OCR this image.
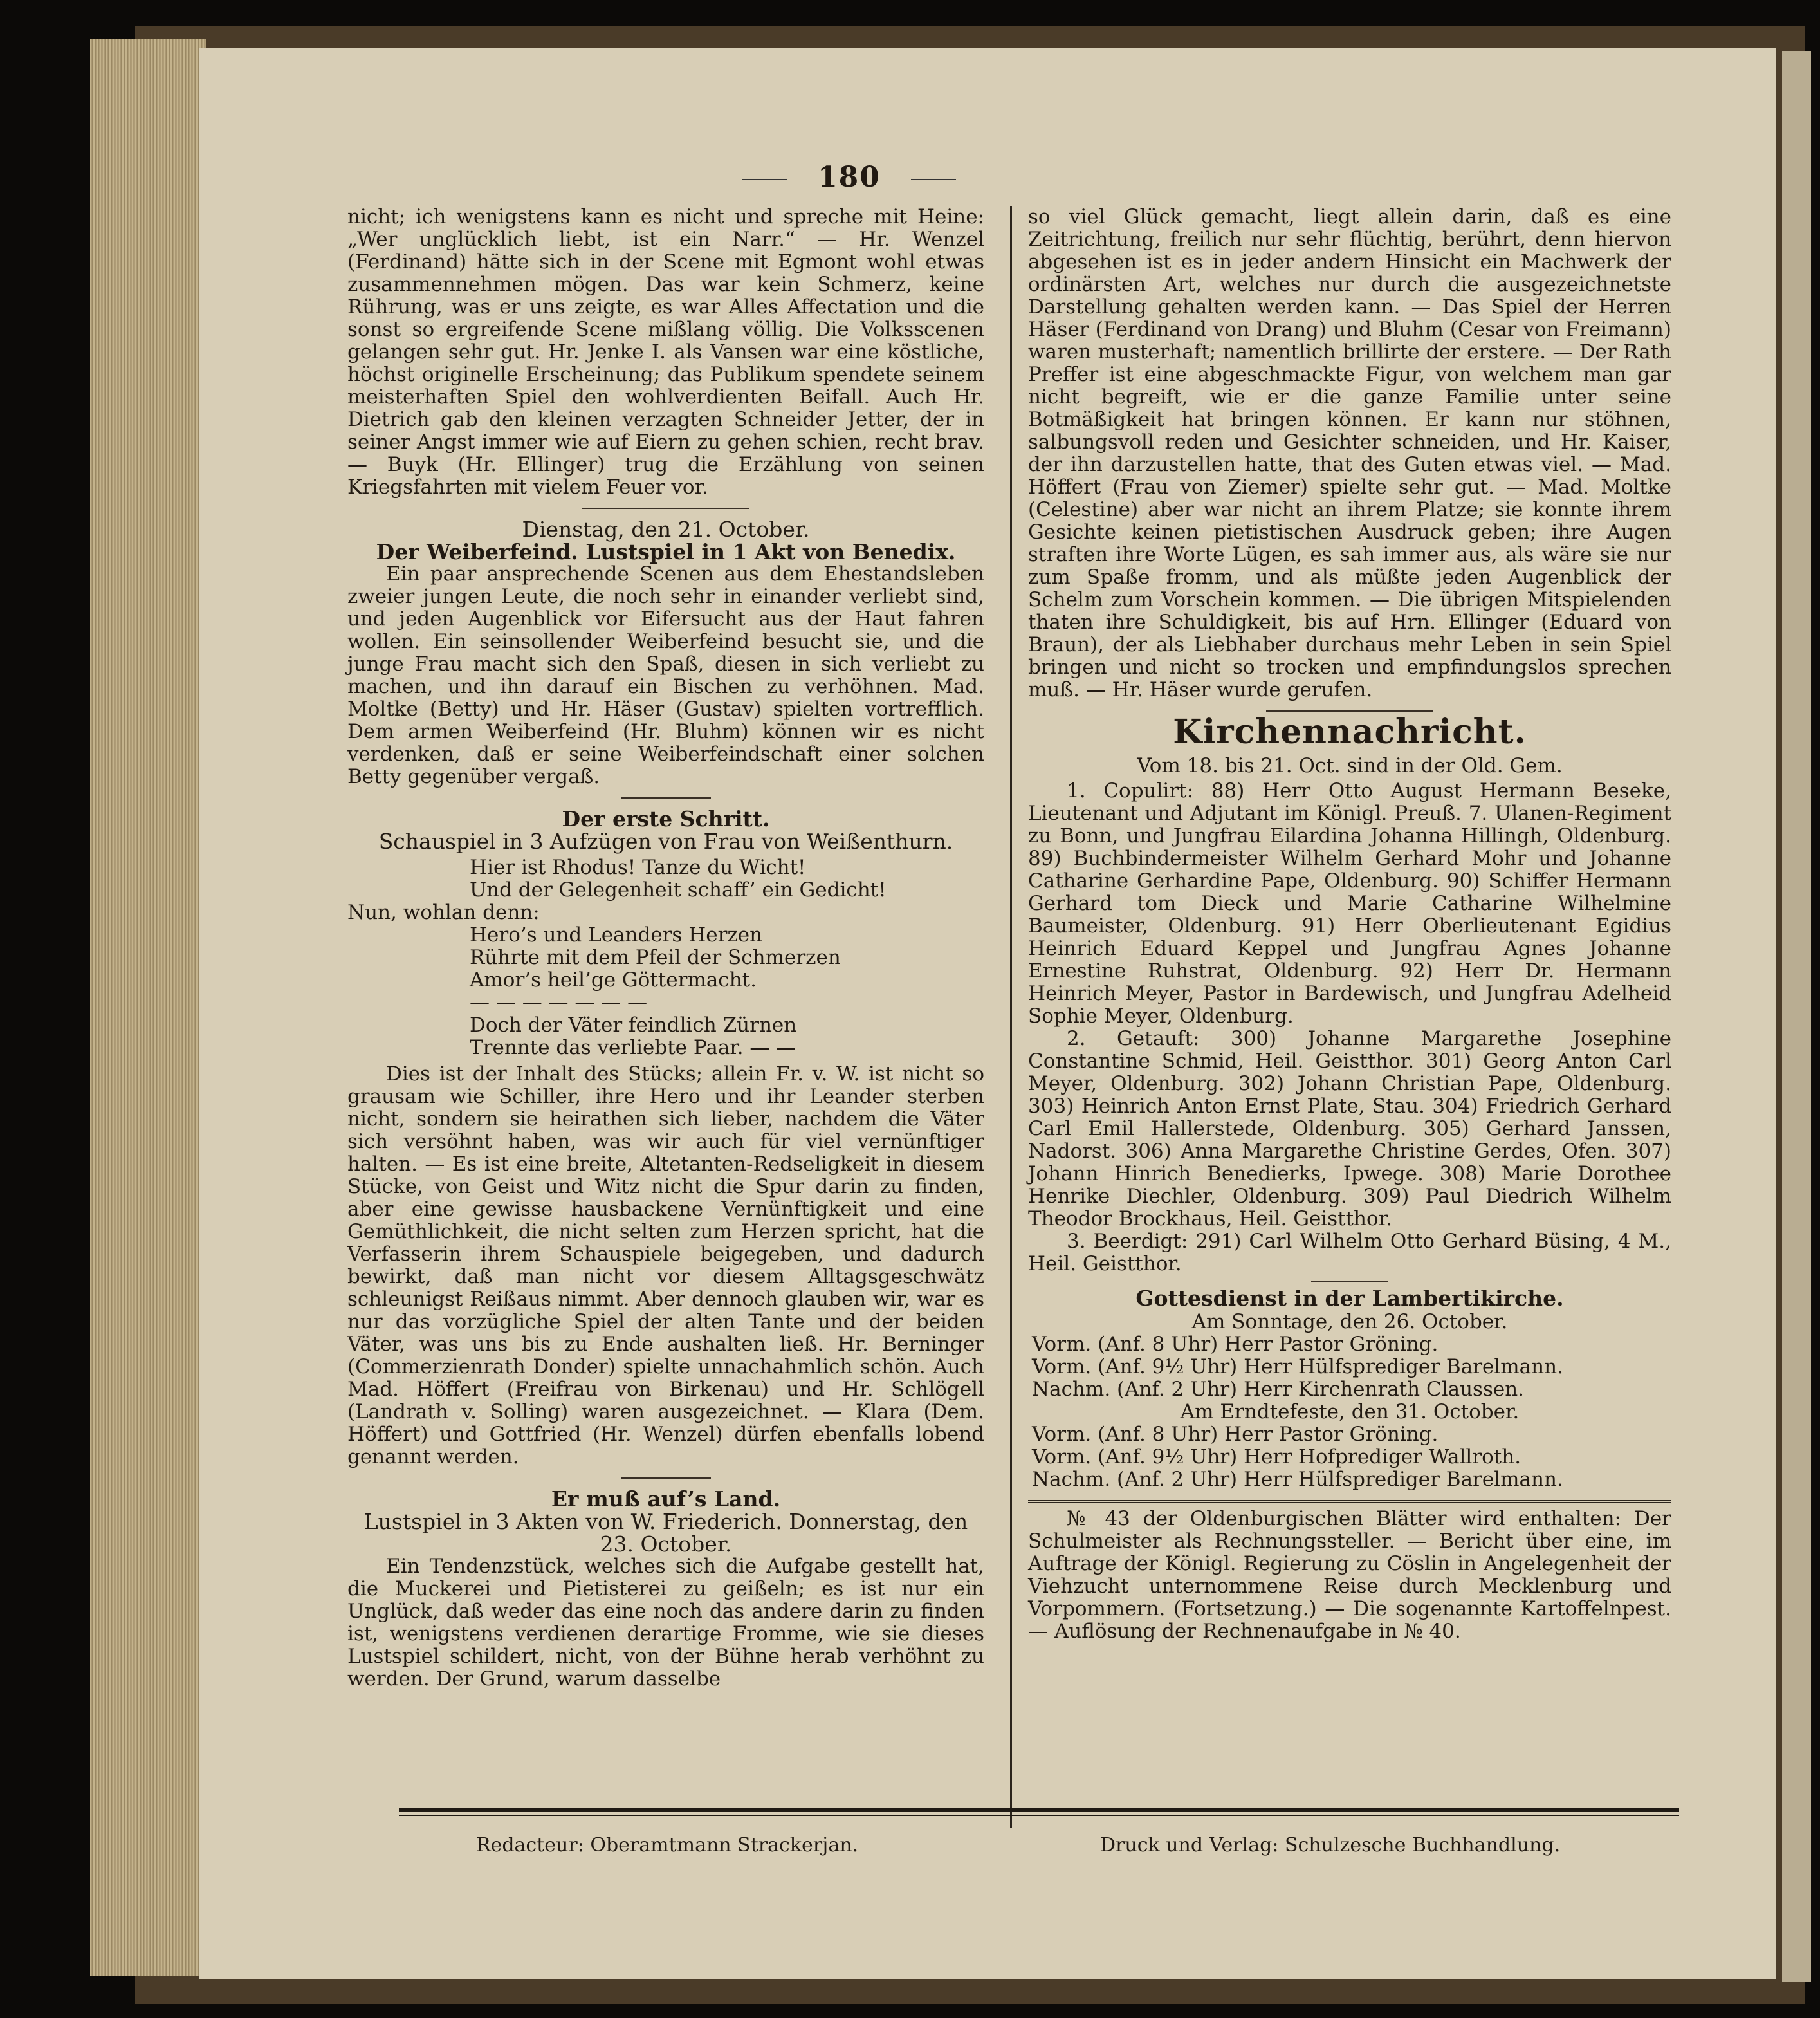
180

nicht; ich wenigstens kann es nicht und spreche mit Heine: „Wer unglücklich liebt, ist ein Narr.“ — Hr. Wenzel (Ferdinand) hätte sich in der Scene mit Egmont wohl etwas zusammennehmen mögen. Das war kein Schmerz, keine Rührung, was er uns zeigte, es war Alles Affectation und die sonst so ergreifende Scene mißlang völlig. Die Volksscenen gelangen sehr gut. Hr. Jenke I. als Vansen war eine köstliche, höchst originelle Erscheinung; das Publikum spendete seinem meisterhaften Spiel den wohlverdienten Beifall. Auch Hr. Dietrich gab den kleinen verzagten Schneider Jetter, der in seiner Angst immer wie auf Eiern zu gehen schien, recht brav. — Buyk (Hr. Ellinger) trug die Erzählung von seinen Kriegsfahrten mit vielem Feuer vor.

Dienstag, den 21. October.

Der Weiberfeind. Lustspiel in 1 Akt von Benedix.

Ein paar ansprechende Scenen aus dem Ehestandsleben zweier jungen Leute, die noch sehr in einander verliebt sind, und jeden Augenblick vor Eifersucht aus der Haut fahren wollen. Ein seinsollender Weiberfeind besucht sie, und die junge Frau macht sich den Spaß, diesen in sich verliebt zu machen, und ihn darauf ein Bischen zu verhöhnen. Mad. Moltke (Betty) und Hr. Häser (Gustav) spielten vortrefflich. Dem armen Weiberfeind (Hr. Bluhm) können wir es nicht verdenken, daß er seine Weiberfeindschaft einer solchen Betty gegenüber vergaß.

Der erste Schritt.

Schauspiel in 3 Aufzügen von Frau von Weißenthurn.

Hier ist Rhodus! Tanze du Wicht!
Und der Gelegenheit schaff’ ein Gedicht!
Nun, wohlan denn:
Hero’s und Leanders Herzen
Rührte mit dem Pfeil der Schmerzen
Amor’s heil’ge Göttermacht.
— — — — — — —
Doch der Väter feindlich Zürnen
Trennte das verliebte Paar. — —

Dies ist der Inhalt des Stücks; allein Fr. v. W. ist nicht so grausam wie Schiller, ihre Hero und ihr Leander sterben nicht, sondern sie heirathen sich lieber, nachdem die Väter sich versöhnt haben, was wir auch für viel vernünftiger halten. — Es ist eine breite, Altetanten-Redseligkeit in diesem Stücke, von Geist und Witz nicht die Spur darin zu finden, aber eine gewisse hausbackene Vernünftigkeit und eine Gemüthlichkeit, die nicht selten zum Herzen spricht, hat die Verfasserin ihrem Schauspiele beigegeben, und dadurch bewirkt, daß man nicht vor diesem Alltagsgeschwätz schleunigst Reißaus nimmt. Aber dennoch glauben wir, war es nur das vorzügliche Spiel der alten Tante und der beiden Väter, was uns bis zu Ende aushalten ließ. Hr. Berninger (Commerzienrath Donder) spielte unnachahmlich schön. Auch Mad. Höffert (Freifrau von Birkenau) und Hr. Schlögell (Landrath v. Solling) waren ausgezeichnet. — Klara (Dem. Höffert) und Gottfried (Hr. Wenzel) dürfen ebenfalls lobend genannt werden.

Er muß auf’s Land.

Lustspiel in 3 Akten von W. Friederich. Donnerstag, den 23. October.

Ein Tendenzstück, welches sich die Aufgabe gestellt hat, die Muckerei und Pietisterei zu geißeln; es ist nur ein Unglück, daß weder das eine noch das andere darin zu finden ist, wenigstens verdienen derartige Fromme, wie sie dieses Lustspiel schildert, nicht, von der Bühne herab verhöhnt zu werden. Der Grund, warum dasselbe

so viel Glück gemacht, liegt allein darin, daß es eine Zeitrichtung, freilich nur sehr flüchtig, berührt, denn hiervon abgesehen ist es in jeder andern Hinsicht ein Machwerk der ordinärsten Art, welches nur durch die ausgezeichnetste Darstellung gehalten werden kann. — Das Spiel der Herren Häser (Ferdinand von Drang) und Bluhm (Cesar von Freimann) waren musterhaft; namentlich brillirte der erstere. — Der Rath Preffer ist eine abgeschmackte Figur, von welchem man gar nicht begreift, wie er die ganze Familie unter seine Botmäßigkeit hat bringen können. Er kann nur stöhnen, salbungsvoll reden und Gesichter schneiden, und Hr. Kaiser, der ihn darzustellen hatte, that des Guten etwas viel. — Mad. Höffert (Frau von Ziemer) spielte sehr gut. — Mad. Moltke (Celestine) aber war nicht an ihrem Platze; sie konnte ihrem Gesichte keinen pietistischen Ausdruck geben; ihre Augen straften ihre Worte Lügen, es sah immer aus, als wäre sie nur zum Spaße fromm, und als müßte jeden Augenblick der Schelm zum Vorschein kommen. — Die übrigen Mitspielenden thaten ihre Schuldigkeit, bis auf Hrn. Ellinger (Eduard von Braun), der als Liebhaber durchaus mehr Leben in sein Spiel bringen und nicht so trocken und empfindungslos sprechen muß. — Hr. Häser wurde gerufen.

Kirchennachricht.

Vom 18. bis 21. Oct. sind in der Old. Gem.

1. Copulirt: 88) Herr Otto August Hermann Beseke, Lieutenant und Adjutant im Königl. Preuß. 7. Ulanen-Regiment zu Bonn, und Jungfrau Eilardina Johanna Hillingh, Oldenburg. 89) Buchbindermeister Wilhelm Gerhard Mohr und Johanne Catharine Gerhardine Pape, Oldenburg. 90) Schiffer Hermann Gerhard tom Dieck und Marie Catharine Wilhelmine Baumeister, Oldenburg. 91) Herr Oberlieutenant Egidius Heinrich Eduard Keppel und Jungfrau Agnes Johanne Ernestine Ruhstrat, Oldenburg. 92) Herr Dr. Hermann Heinrich Meyer, Pastor in Bardewisch, und Jungfrau Adelheid Sophie Meyer, Oldenburg.

2. Getauft: 300) Johanne Margarethe Josephine Constantine Schmid, Heil. Geistthor. 301) Georg Anton Carl Meyer, Oldenburg. 302) Johann Christian Pape, Oldenburg. 303) Heinrich Anton Ernst Plate, Stau. 304) Friedrich Gerhard Carl Emil Hallerstede, Oldenburg. 305) Gerhard Janssen, Nadorst. 306) Anna Margarethe Christine Gerdes, Ofen. 307) Johann Hinrich Benedierks, Ipwege. 308) Marie Dorothee Henrike Diechler, Oldenburg. 309) Paul Diedrich Wilhelm Theodor Brockhaus, Heil. Geistthor.

3. Beerdigt: 291) Carl Wilhelm Otto Gerhard Büsing, 4 M., Heil. Geistthor.

Gottesdienst in der Lambertikirche.

Am Sonntage, den 26. October.

Vorm. (Anf. 8 Uhr) Herr Pastor Gröning.

Vorm. (Anf. 9½ Uhr) Herr Hülfsprediger Barelmann.

Nachm. (Anf. 2 Uhr) Herr Kirchenrath Claussen.

Am Erndtefeste, den 31. October.

Vorm. (Anf. 8 Uhr) Herr Pastor Gröning.

Vorm. (Anf. 9½ Uhr) Herr Hofprediger Wallroth.

Nachm. (Anf. 2 Uhr) Herr Hülfsprediger Barelmann.

№ 43 der Oldenburgischen Blätter wird enthalten: Der Schulmeister als Rechnungssteller. — Bericht über eine, im Auftrage der Königl. Regierung zu Cöslin in Angelegenheit der Viehzucht unternommene Reise durch Mecklenburg und Vorpommern. (Fortsetzung.) — Die sogenannte Kartoffelnpest. — Auflösung der Rechnenaufgabe in № 40.

Redacteur: Oberamtmann Strackerjan.	Druck und Verlag: Schulzesche Buchhandlung.
